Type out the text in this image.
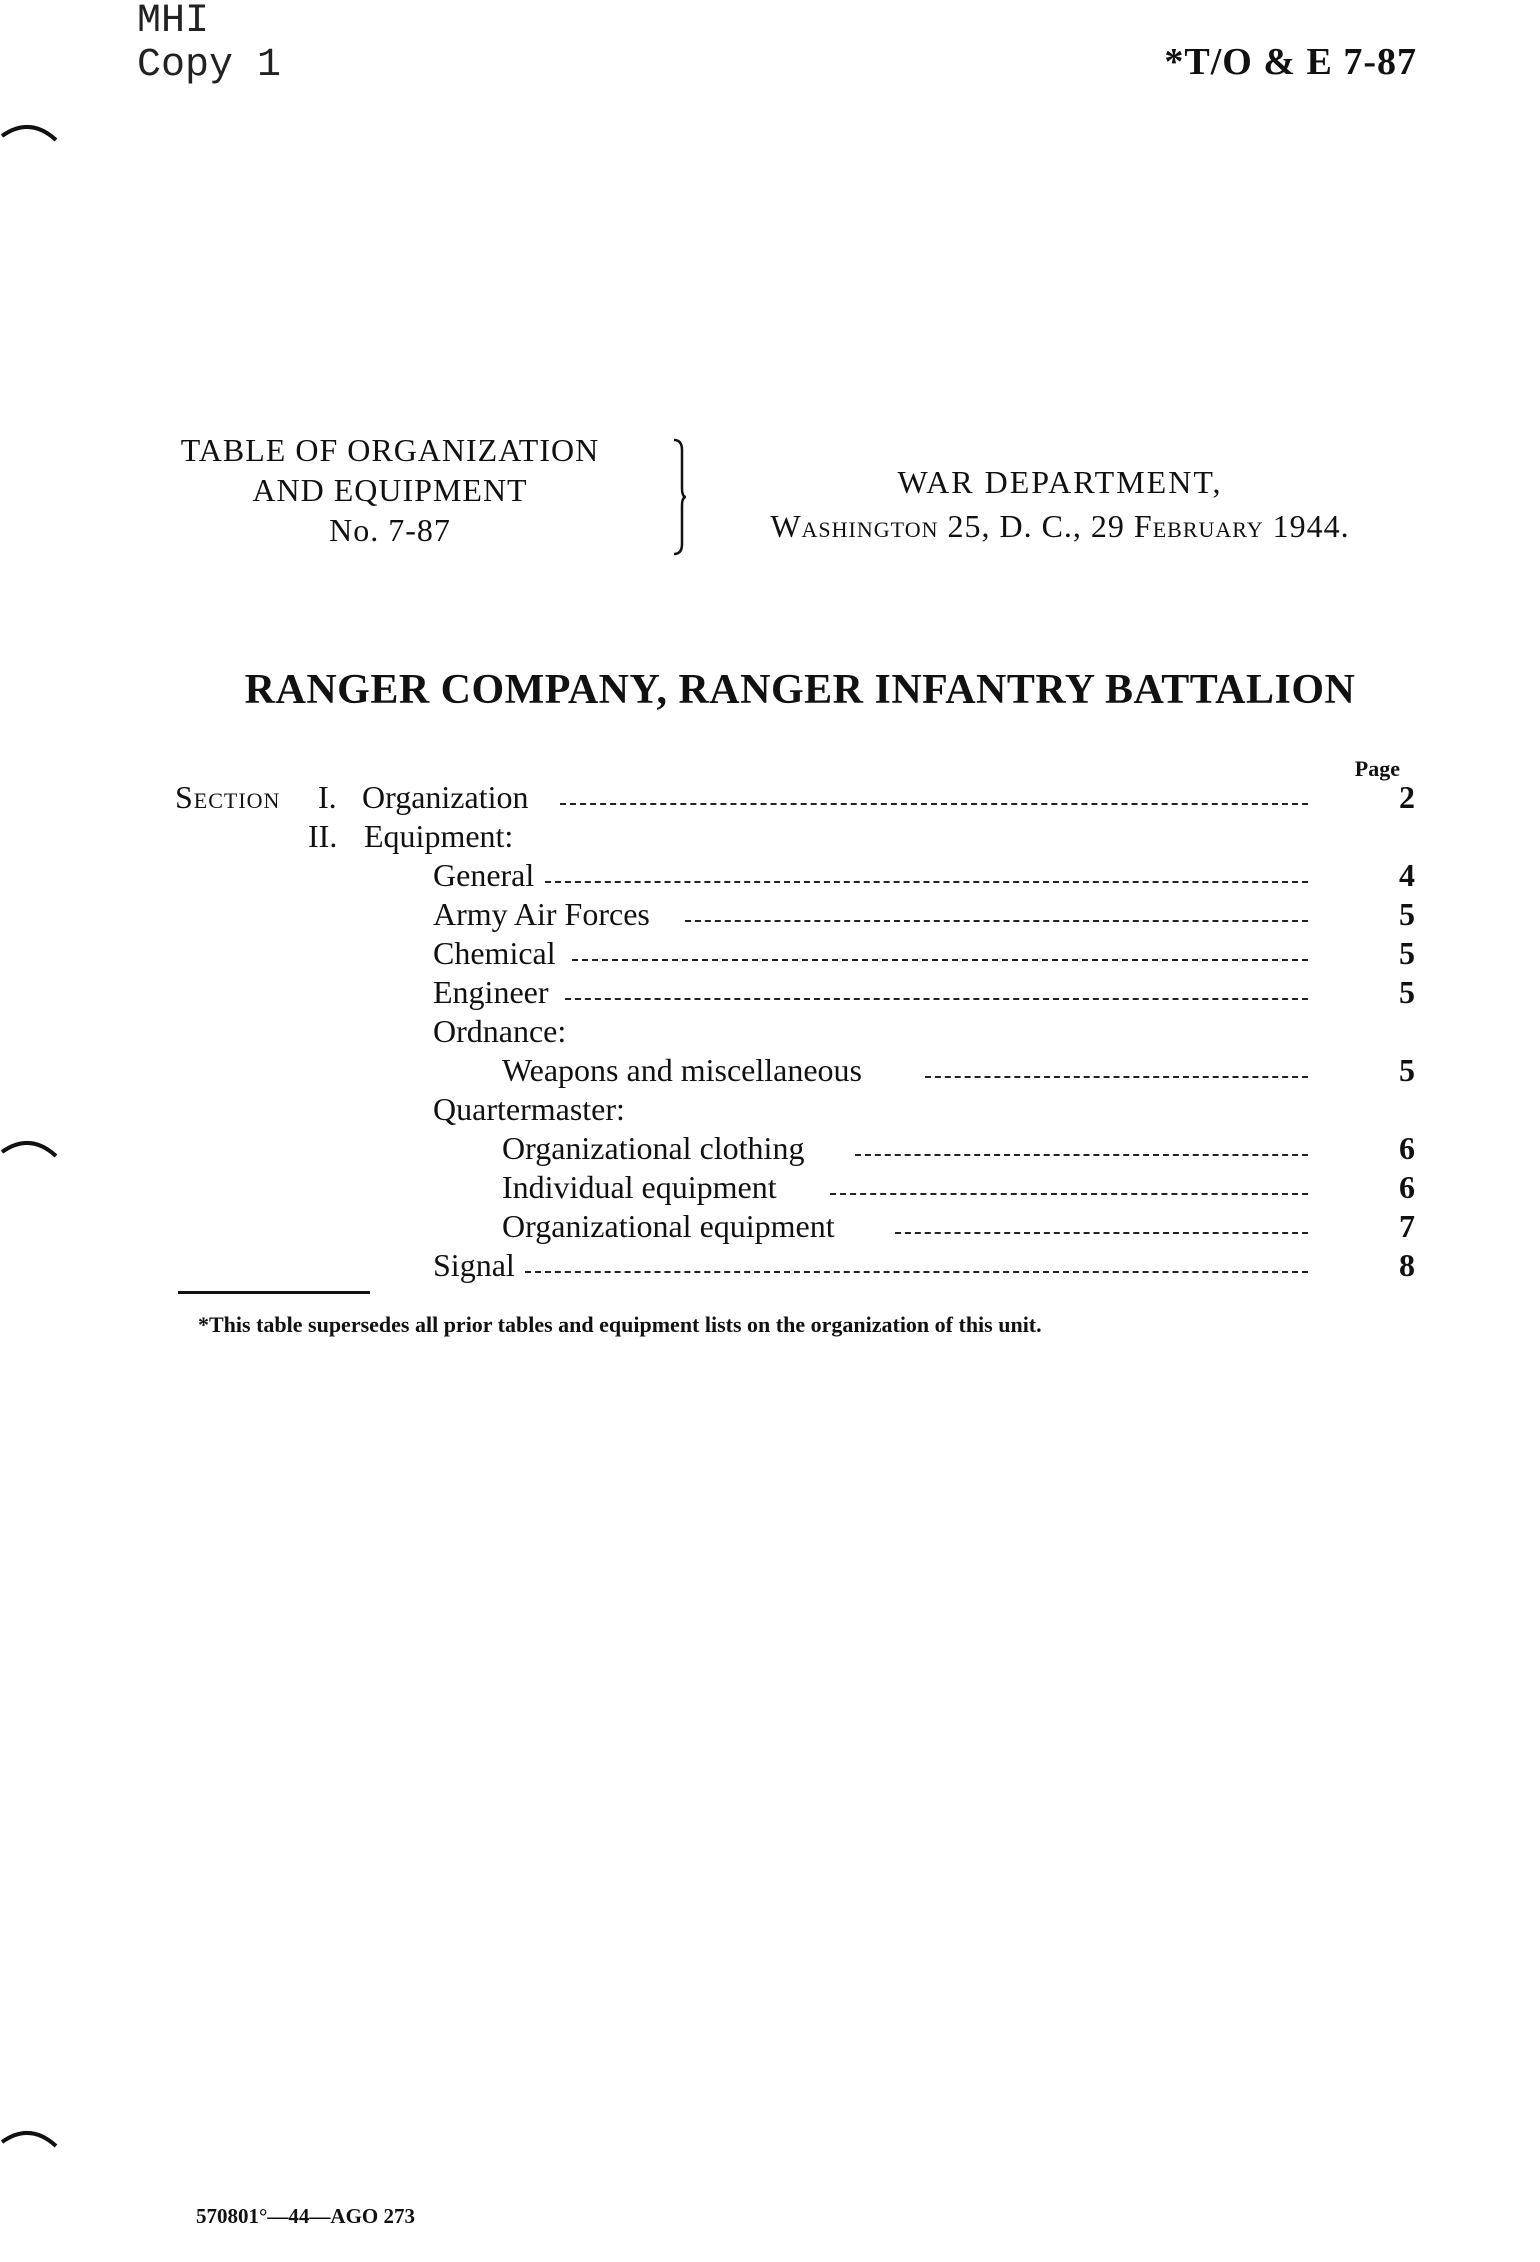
MHI
Copy 1	*T/O & E 7-87
TABLE OF ORGANIZATION
AND EQUIPMENT
No. 7-87
WAR DEPARTMENT,
Washington 25, D. C., 29 February 1944.
RANGER COMPANY, RANGER INFANTRY BATTALION
Page
Section I. Organization	2
II. Equipment:
General	4
Army Air Forces	5
Chemical	5
Engineer	5
Ordnance:
Weapons and miscellaneous	5
Quartermaster:
Organizational clothing	6
Individual equipment	6
Organizational equipment	7
Signal	8
*This table supersedes all prior tables and equipment lists on the organization of this unit.
570801°—44—AGO 273
